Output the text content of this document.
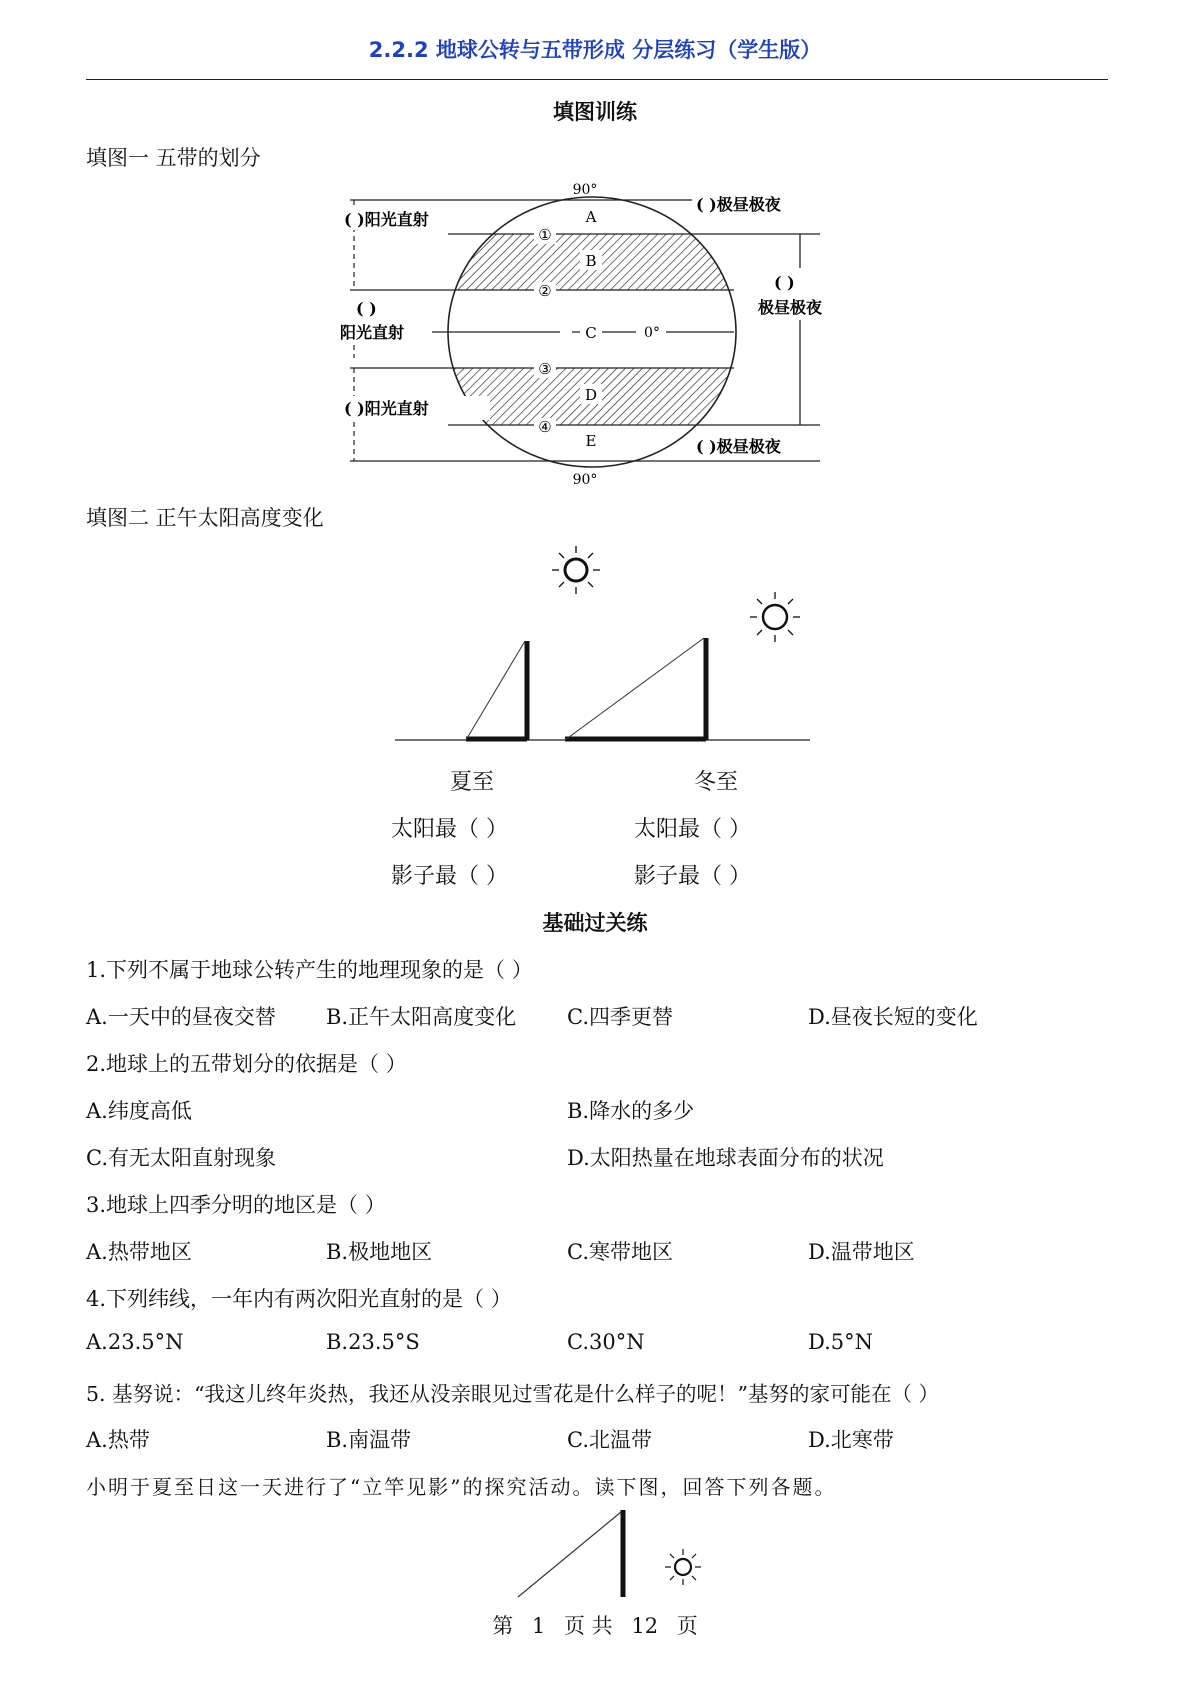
2.2.2 地球公转与五带形成 分层练习（学生版）
填图训练
填图一 五带的划分
90°
90°
0°
A
B
C
D
E
①
②
③
④
( )阳光直射
( )
阳光直射
( )阳光直射
( )极昼极夜
( )
极昼极夜
( )极昼极夜
填图二 正午太阳高度变化
夏至	冬至
太阳最（ ）	太阳最（ ）
影子最（ ）	影子最（ ）
基础过关练
1.下列不属于地球公转产生的地理现象的是（ ）
A.一天中的昼夜交替 B.正午太阳高度变化 C.四季更替	D.昼夜长短的变化
2.地球上的五带划分的依据是（ ）
A.纬度高低	B.降水的多少
C.有无太阳直射现象	D.太阳热量在地球表面分布的状况
3.地球上四季分明的地区是（ ）
A.热带地区	B.极地地区	C.寒带地区	D.温带地区
4.下列纬线，一年内有两次阳光直射的是（ ）
A.23.5°N	B.23.5°S	C.30°N	D.5°N
5. 基努说：“我这儿终年炎热，我还从没亲眼见过雪花是什么样子的呢！”基努的家可能在（ ）
A.热带	B.南温带	C.北温带	D.北寒带
小明于夏至日这一天进行了“立竿见影”的探究活动。读下图，回答下列各题。
第 1 页 共 12 页
